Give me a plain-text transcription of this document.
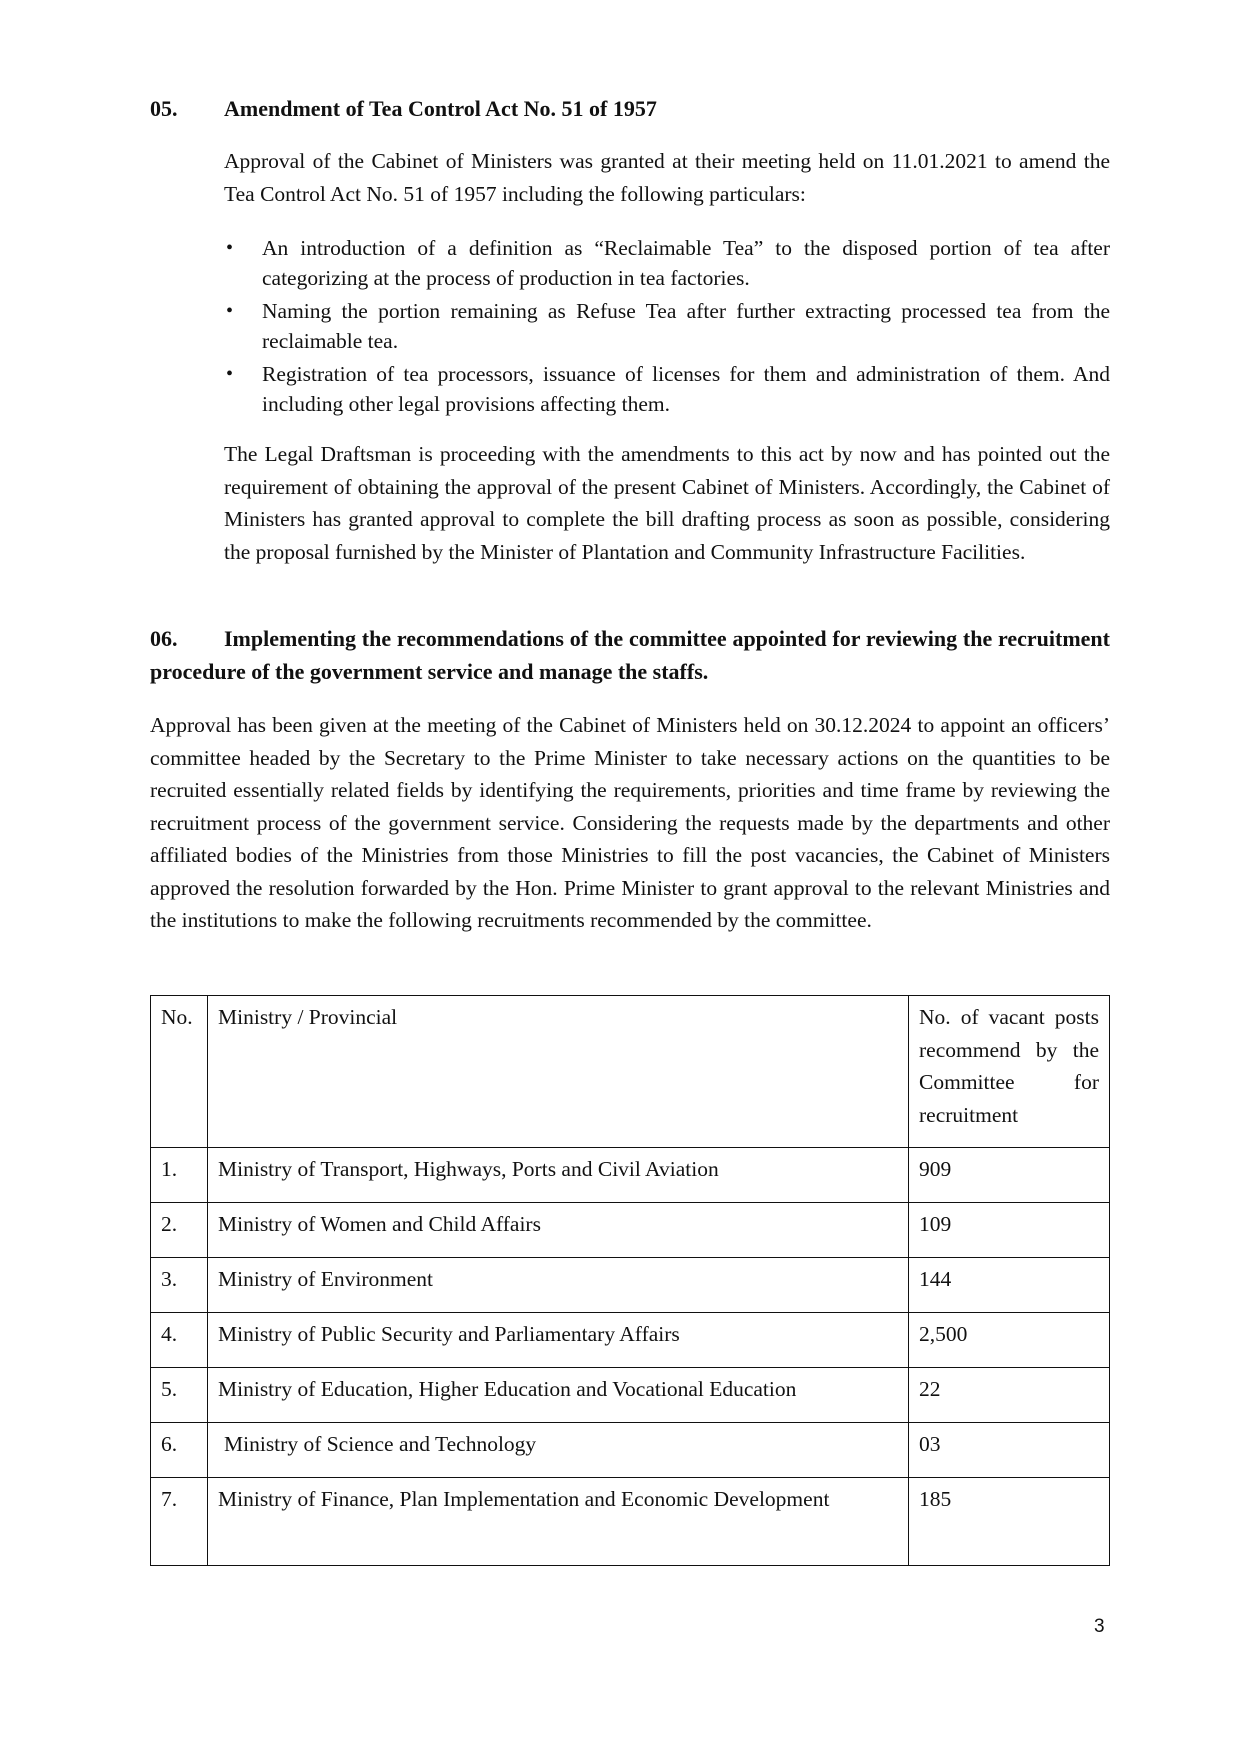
05. Amendment of Tea Control Act No. 51 of 1957

Approval of the Cabinet of Ministers was granted at their meeting held on 11.01.2021 to amend the Tea Control Act No. 51 of 1957 including the following particulars:

• An introduction of a definition as “Reclaimable Tea” to the disposed portion of tea after categorizing at the process of production in tea factories.
• Naming the portion remaining as Refuse Tea after further extracting processed tea from the reclaimable tea.
• Registration of tea processors, issuance of licenses for them and administration of them. And including other legal provisions affecting them.

The Legal Draftsman is proceeding with the amendments to this act by now and has pointed out the requirement of obtaining the approval of the present Cabinet of Ministers. Accordingly, the Cabinet of Ministers has granted approval to complete the bill drafting process as soon as possible, considering the proposal furnished by the Minister of Plantation and Community Infrastructure Facilities.

06. Implementing the recommendations of the committee appointed for reviewing the recruitment procedure of the government service and manage the staffs.

Approval has been given at the meeting of the Cabinet of Ministers held on 30.12.2024 to appoint an officers’ committee headed by the Secretary to the Prime Minister to take necessary actions on the quantities to be recruited essentially related fields by identifying the requirements, priorities and time frame by reviewing the recruitment process of the government service. Considering the requests made by the departments and other affiliated bodies of the Ministries from those Ministries to fill the post vacancies, the Cabinet of Ministers approved the resolution forwarded by the Hon. Prime Minister to grant approval to the relevant Ministries and the institutions to make the following recruitments recommended by the committee.

No.	Ministry / Provincial	No. of vacant posts recommend by the Committee for recruitment
1.	Ministry of Transport, Highways, Ports and Civil Aviation	909
2.	Ministry of Women and Child Affairs	109
3.	Ministry of Environment	144
4.	Ministry of Public Security and Parliamentary Affairs	2,500
5.	Ministry of Education, Higher Education and Vocational Education	22
6.	Ministry of Science and Technology	03
7.	Ministry of Finance, Plan Implementation and Economic Development	185
3
